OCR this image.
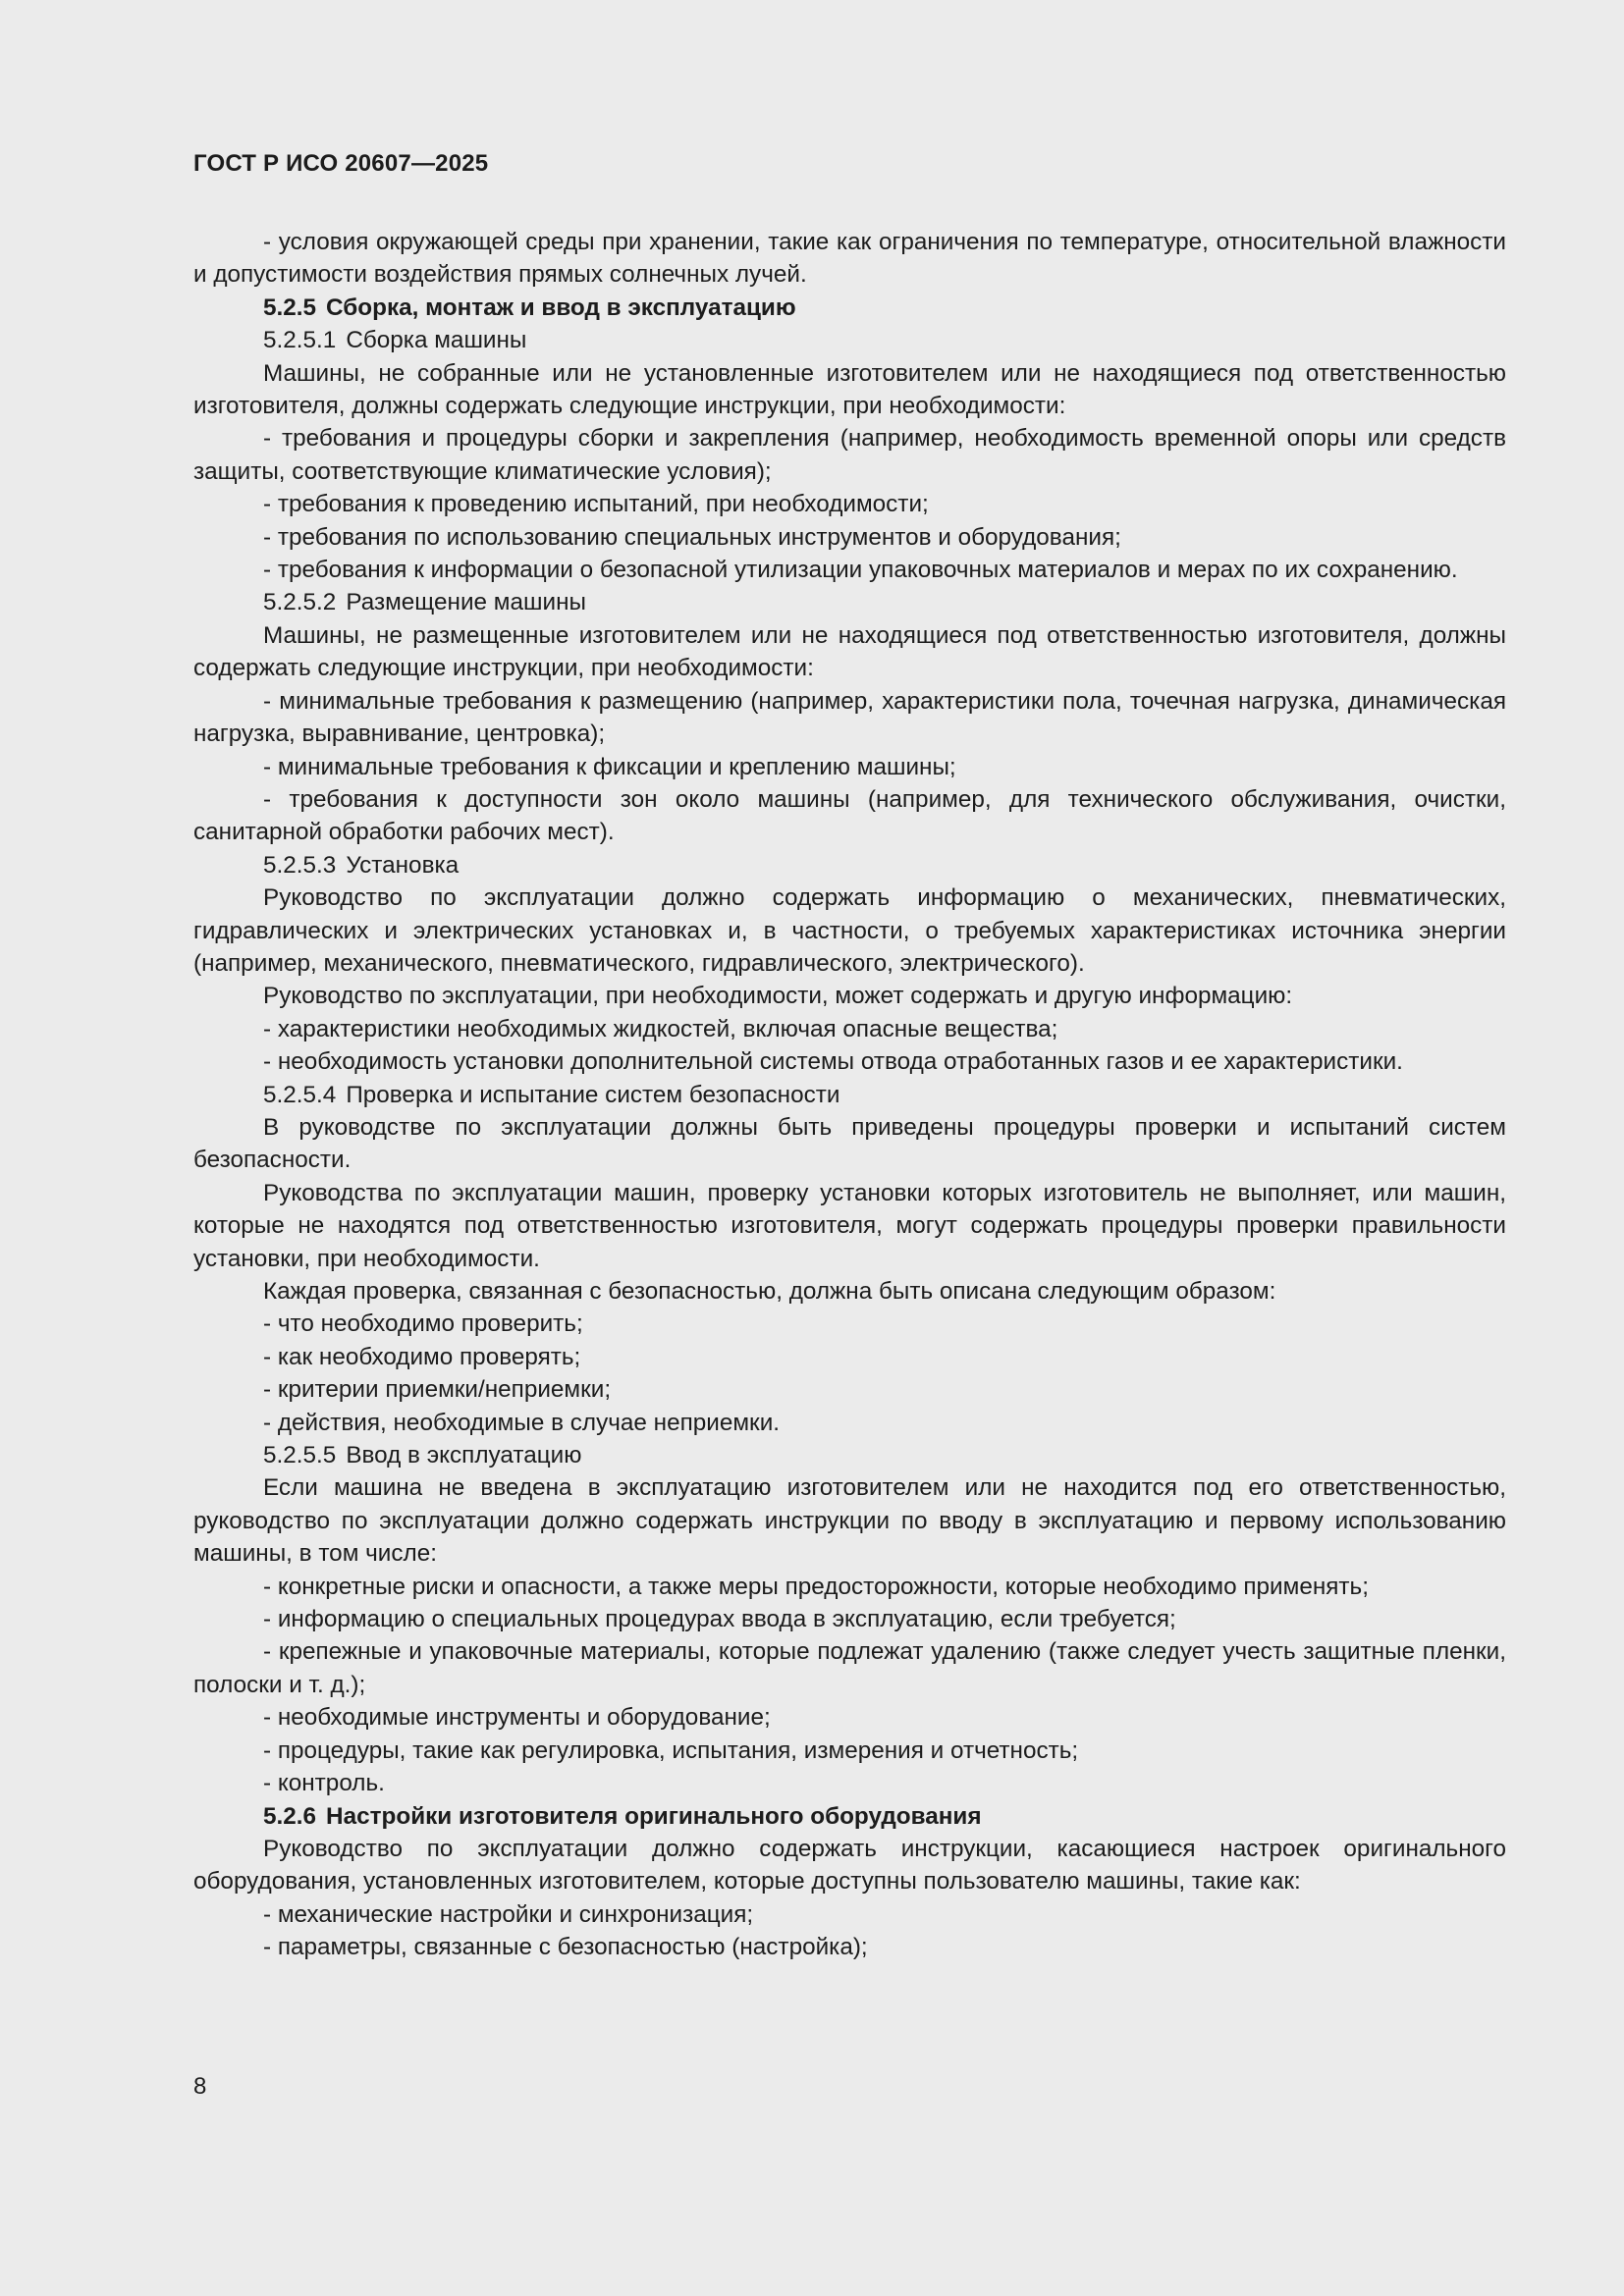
ГОСТ Р ИСО 20607—2025

- условия окружающей среды при хранении, такие как ограничения по температуре, относительной влажности и допустимости воздействия прямых солнечных лучей.

5.2.5 Сборка, монтаж и ввод в эксплуатацию

5.2.5.1 Сборка машины

Машины, не собранные или не установленные изготовителем или не находящиеся под ответственностью изготовителя, должны содержать следующие инструкции, при необходимости:

- требования и процедуры сборки и закрепления (например, необходимость временной опоры или средств защиты, соответствующие климатические условия);

- требования к проведению испытаний, при необходимости;

- требования по использованию специальных инструментов и оборудования;

- требования к информации о безопасной утилизации упаковочных материалов и мерах по их сохранению.

5.2.5.2 Размещение машины

Машины, не размещенные изготовителем или не находящиеся под ответственностью изготовителя, должны содержать следующие инструкции, при необходимости:

- минимальные требования к размещению (например, характеристики пола, точечная нагрузка, динамическая нагрузка, выравнивание, центровка);

- минимальные требования к фиксации и креплению машины;

- требования к доступности зон около машины (например, для технического обслуживания, очистки, санитарной обработки рабочих мест).

5.2.5.3 Установка

Руководство по эксплуатации должно содержать информацию о механических, пневматических, гидравлических и электрических установках и, в частности, о требуемых характеристиках источника энергии (например, механического, пневматического, гидравлического, электрического).

Руководство по эксплуатации, при необходимости, может содержать и другую информацию:

- характеристики необходимых жидкостей, включая опасные вещества;

- необходимость установки дополнительной системы отвода отработанных газов и ее характеристики.

5.2.5.4 Проверка и испытание систем безопасности

В руководстве по эксплуатации должны быть приведены процедуры проверки и испытаний систем безопасности.

Руководства по эксплуатации машин, проверку установки которых изготовитель не выполняет, или машин, которые не находятся под ответственностью изготовителя, могут содержать процедуры проверки правильности установки, при необходимости.

Каждая проверка, связанная с безопасностью, должна быть описана следующим образом:

- что необходимо проверить;

- как необходимо проверять;

- критерии приемки/неприемки;

- действия, необходимые в случае неприемки.

5.2.5.5 Ввод в эксплуатацию

Если машина не введена в эксплуатацию изготовителем или не находится под его ответственностью, руководство по эксплуатации должно содержать инструкции по вводу в эксплуатацию и первому использованию машины, в том числе:

- конкретные риски и опасности, а также меры предосторожности, которые необходимо применять;

- информацию о специальных процедурах ввода в эксплуатацию, если требуется;

- крепежные и упаковочные материалы, которые подлежат удалению (также следует учесть защитные пленки, полоски и т. д.);

- необходимые инструменты и оборудование;

- процедуры, такие как регулировка, испытания, измерения и отчетность;

- контроль.

5.2.6 Настройки изготовителя оригинального оборудования

Руководство по эксплуатации должно содержать инструкции, касающиеся настроек оригинального оборудования, установленных изготовителем, которые доступны пользователю машины, такие как:

- механические настройки и синхронизация;

- параметры, связанные с безопасностью (настройка);

8
